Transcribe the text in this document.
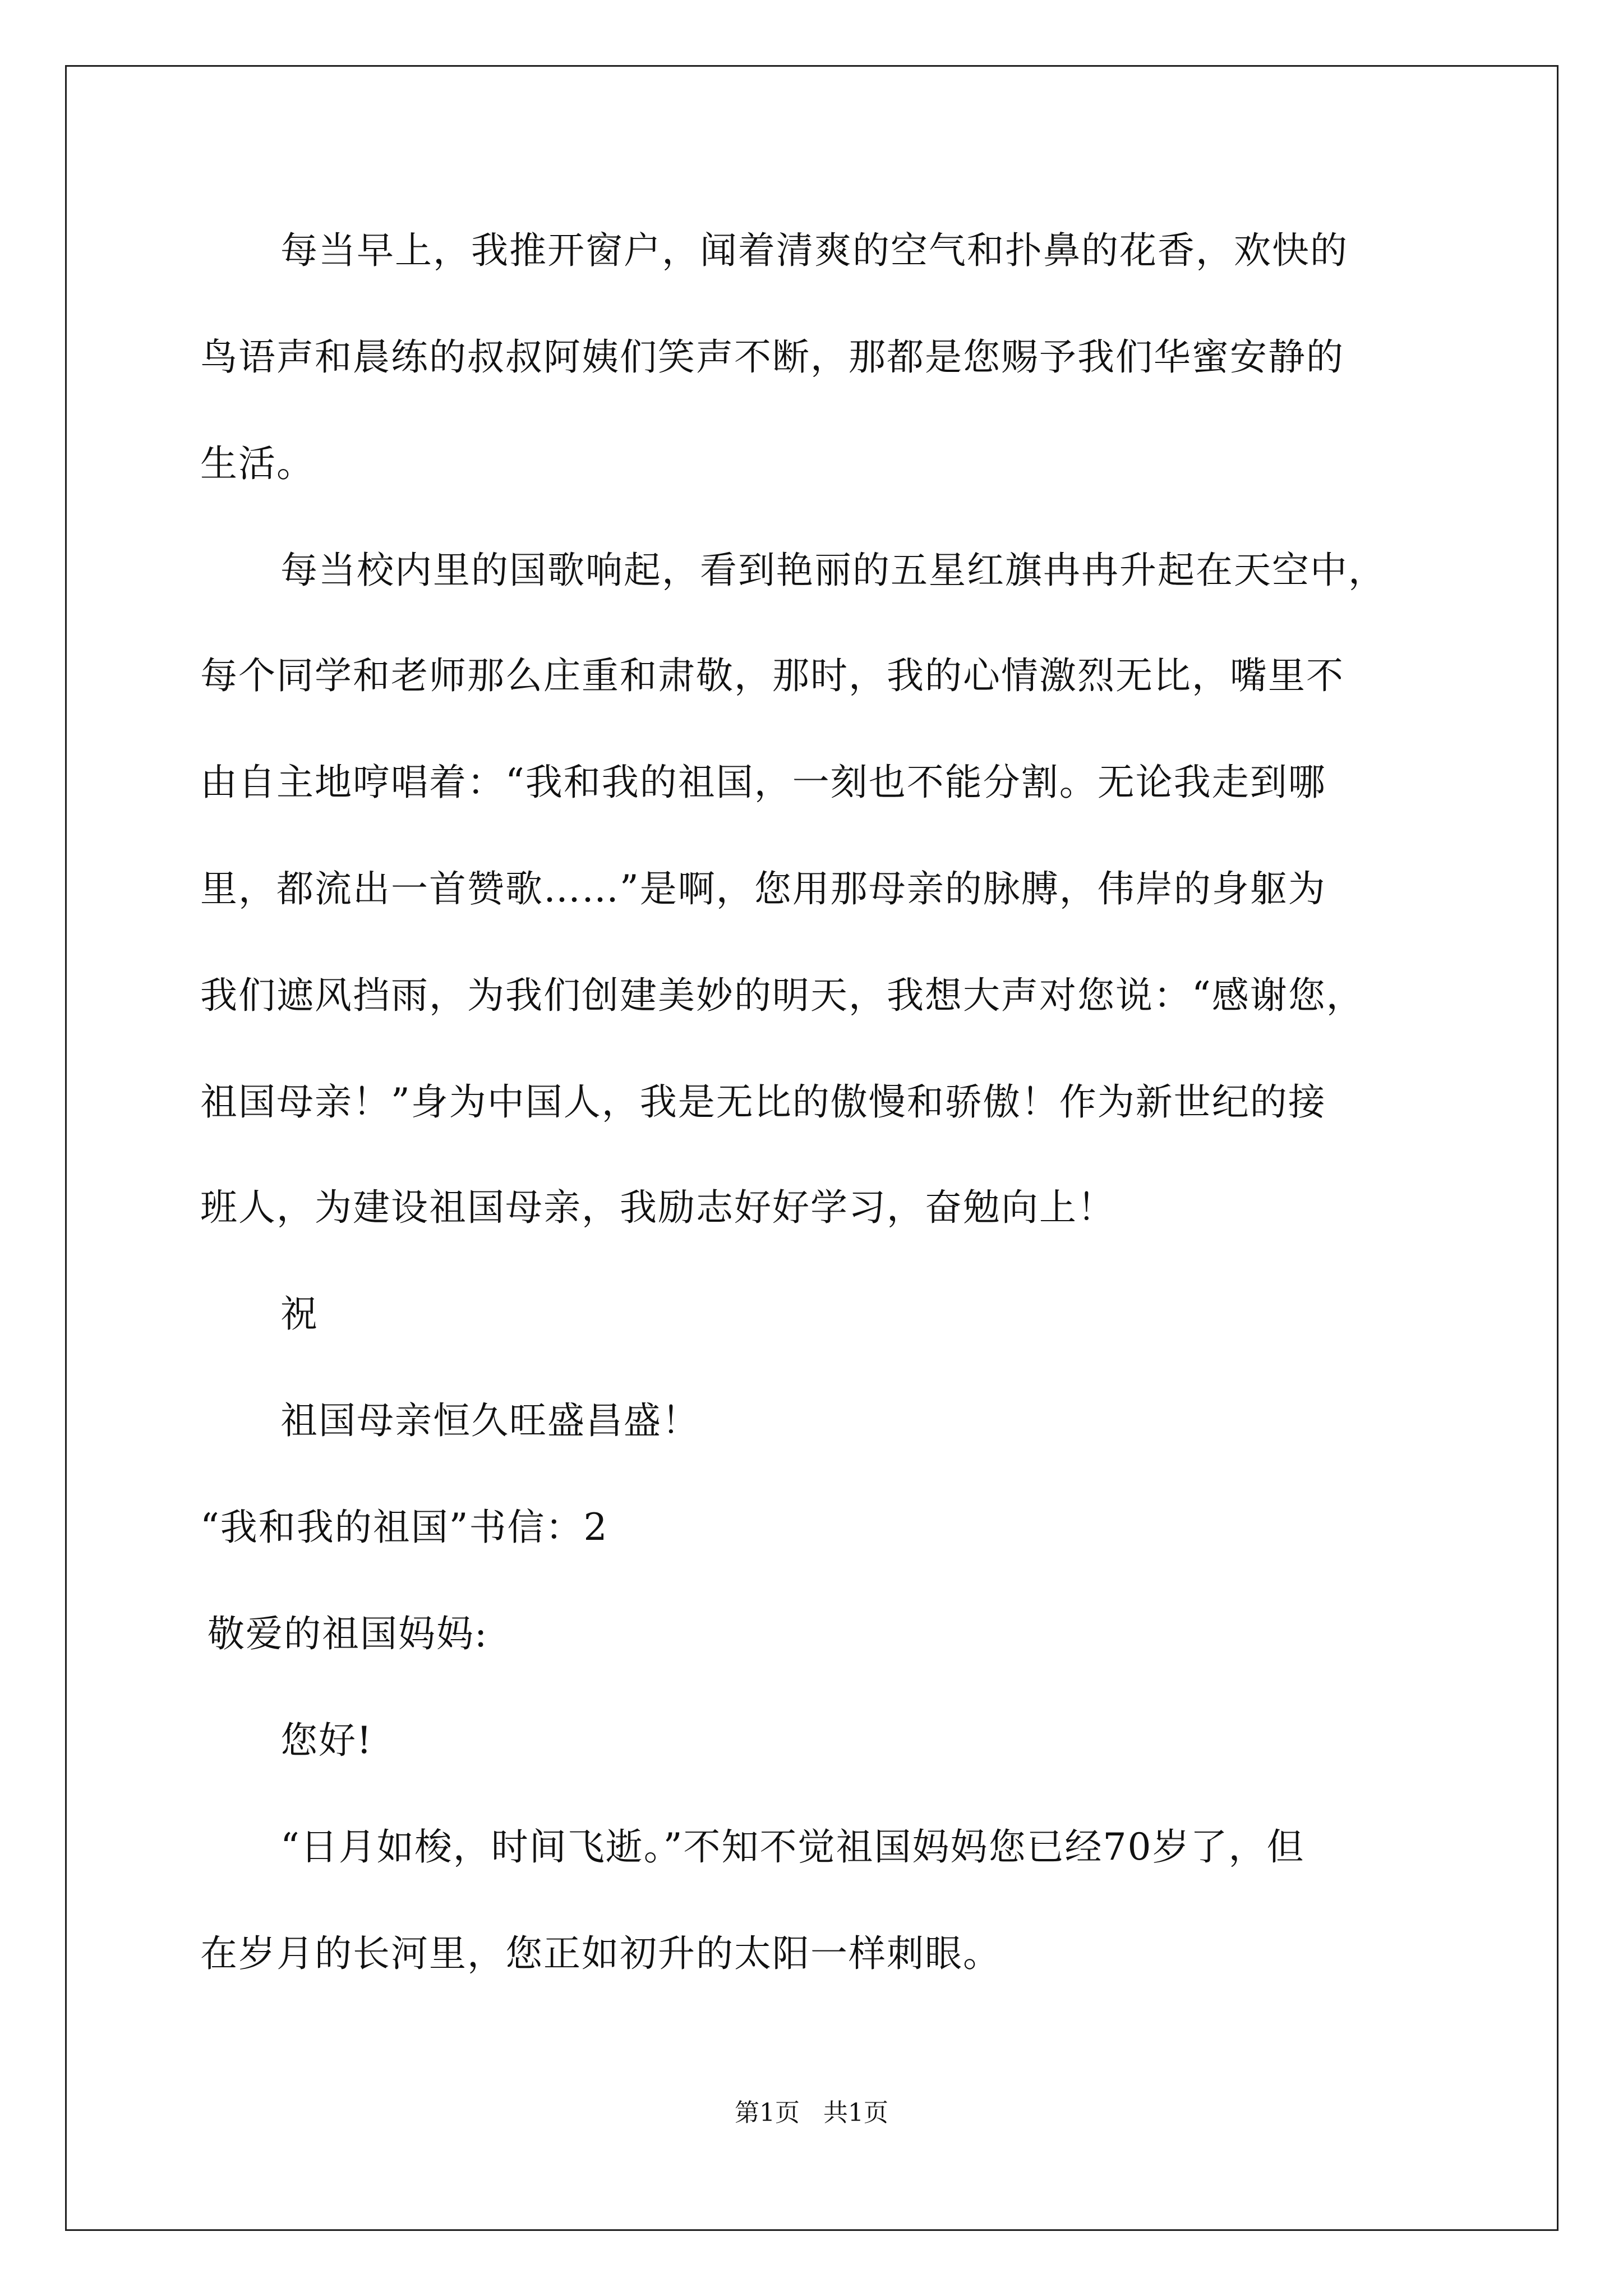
每当早上，我推开窗户，闻着清爽的空气和扑鼻的花香，欢快的
鸟语声和晨练的叔叔阿姨们笑声不断，那都是您赐予我们华蜜安静的
生活。
每当校内里的国歌响起，看到艳丽的五星红旗冉冉升起在天空中，
每个同学和老师那么庄重和肃敬，那时，我的心情激烈无比，嘴里不
由自主地哼唱着：“我和我的祖国，一刻也不能分割。无论我走到哪
里，都流出一首赞歌……”是啊，您用那母亲的脉膊，伟岸的身躯为
我们遮风挡雨，为我们创建美妙的明天，我想大声对您说：“感谢您，
祖国母亲！”身为中国人，我是无比的傲慢和骄傲！作为新世纪的接
班人，为建设祖国母亲，我励志好好学习，奋勉向上！
祝
祖国母亲恒久旺盛昌盛！
“我和我的祖国”书信：2
敬爱的祖国妈妈:
您好!
“日月如梭，时间飞逝。”不知不觉祖国妈妈您已经70岁了，但
在岁月的长河里，您正如初升的太阳一样刺眼。
第1页 共1页
